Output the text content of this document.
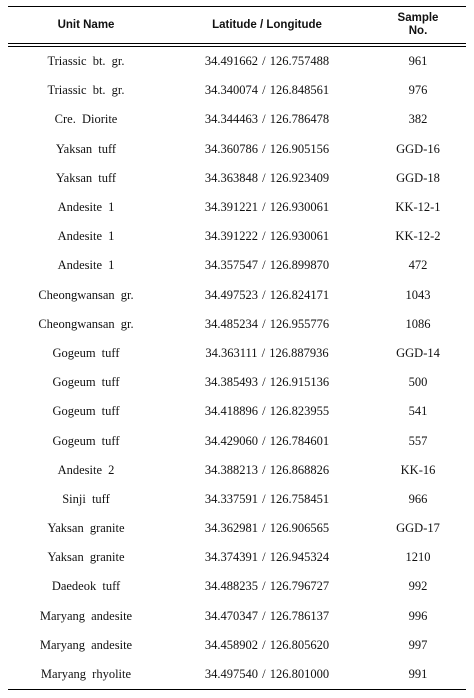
Unit Name	Latitude / Longitude	Sample
No.
Triassic bt. gr.	34.491662 / 126.757488	961
Triassic bt. gr.	34.340074 / 126.848561	976
Cre. Diorite	34.344463 / 126.786478	382
Yaksan tuff	34.360786 / 126.905156	GGD-16
Yaksan tuff	34.363848 / 126.923409	GGD-18
Andesite 1	34.391221 / 126.930061	KK-12-1
Andesite 1	34.391222 / 126.930061	KK-12-2
Andesite 1	34.357547 / 126.899870	472
Cheongwansan gr.	34.497523 / 126.824171	1043
Cheongwansan gr.	34.485234 / 126.955776	1086
Gogeum tuff	34.363111 / 126.887936	GGD-14
Gogeum tuff	34.385493 / 126.915136	500
Gogeum tuff	34.418896 / 126.823955	541
Gogeum tuff	34.429060 / 126.784601	557
Andesite 2	34.388213 / 126.868826	KK-16
Sinji tuff	34.337591 / 126.758451	966
Yaksan granite	34.362981 / 126.906565	GGD-17
Yaksan granite	34.374391 / 126.945324	1210
Daedeok tuff	34.488235 / 126.796727	992
Maryang andesite	34.470347 / 126.786137	996
Maryang andesite	34.458902 / 126.805620	997
Maryang rhyolite	34.497540 / 126.801000	991
